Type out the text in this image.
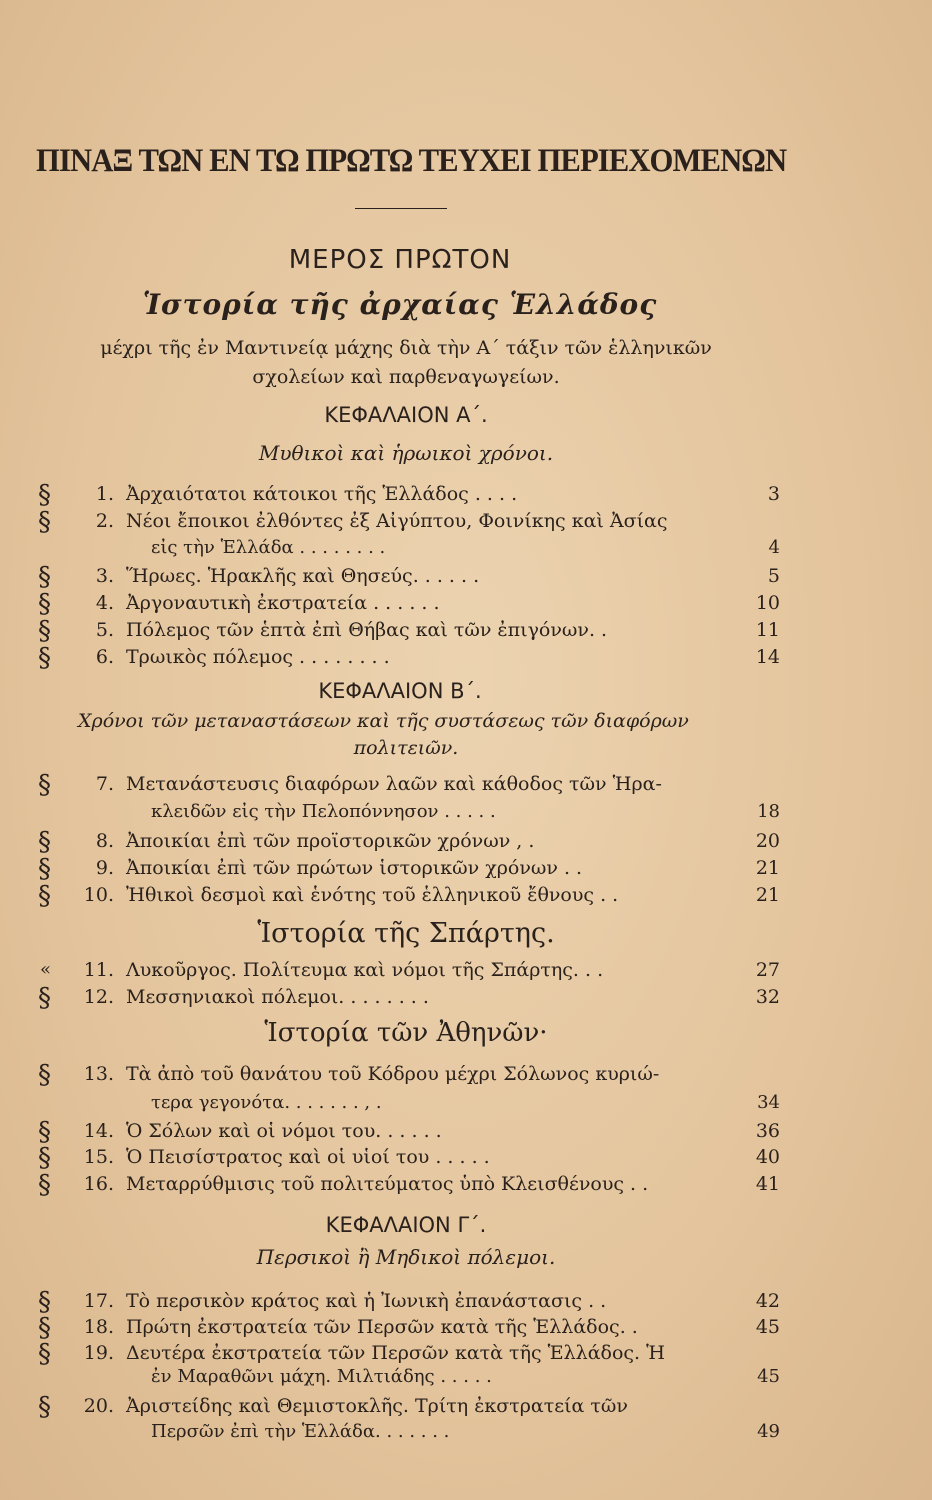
ΠΙΝΑΞ ΤΩΝ ΕΝ ΤΩ ΠΡΩΤΩ ΤΕΥΧΕΙ ΠΕΡΙΕΧΟΜΕΝΩΝ
ΜΕΡΟΣ ΠΡΩΤΟΝ
Ἱστορία τῆς ἀρχαίας Ἑλλάδος
μέχρι τῆς ἐν Μαντινείᾳ μάχης διὰ τὴν Α΄ τάξιν τῶν ἑλληνικῶν
σχολείων καὶ παρθεναγωγείων.
ΚΕΦΑΛΑΙΟΝ Α΄.
Μυθικοὶ καὶ ἡρωικοὶ χρόνοι.
§	1. Ἀρχαιότατοι κάτοικοι τῆς Ἑλλάδος . . . .	3
§	2. Νέοι ἔποικοι ἐλθόντες ἐξ Αἰγύπτου, Φοινίκης καὶ Ἀσίας
εἰς τὴν Ἑλλάδα . . . . . . . .	4
§	3. Ἥρωες. Ἡρακλῆς καὶ Θησεύς. . . . . .	5
§	4. Ἀργοναυτικὴ ἐκστρατεία . . . . . .	10
§	5. Πόλεμος τῶν ἑπτὰ ἐπὶ Θήβας καὶ τῶν ἐπιγόνων. .	11
§	6. Τρωικὸς πόλεμος . . . . . . . .	14
ΚΕΦΑΛΑΙΟΝ Β΄.
Χρόνοι τῶν μεταναστάσεων καὶ τῆς συστάσεως τῶν διαφόρων
πολιτειῶν.
§	7. Μετανάστευσις διαφόρων λαῶν καὶ κάθοδος τῶν Ἡρα-
κλειδῶν εἰς τὴν Πελοπόννησον . . . . .	18
§	8. Ἀποικίαι ἐπὶ τῶν προϊστορικῶν χρόνων , .	20
§	9. Ἀποικίαι ἐπὶ τῶν πρώτων ἱστορικῶν χρόνων . .	21
§	10. Ἠθικοὶ δεσμοὶ καὶ ἑνότης τοῦ ἑλληνικοῦ ἔθνους . .	21
Ἱστορία τῆς Σπάρτης.
«	11. Λυκοῦργος. Πολίτευμα καὶ νόμοι τῆς Σπάρτης. . .	27
§	12. Μεσσηνιακοὶ πόλεμοι. . . . . . . .	32
Ἱστορία τῶν Ἀθηνῶν·
§	13. Τὰ ἀπὸ τοῦ θανάτου τοῦ Κόδρου μέχρι Σόλωνος κυριώ-
τερα γεγονότα. . . . . . . , .	34
§	14. Ὁ Σόλων καὶ οἱ νόμοι του. . . . . .	36
§	15. Ὁ Πεισίστρατος καὶ οἱ υἱοί του . . . . .	40
§	16. Μεταρρύθμισις τοῦ πολιτεύματος ὑπὸ Κλεισθένους . .	41
ΚΕΦΑΛΑΙΟΝ Γ΄.
Περσικοὶ ἢ Μηδικοὶ πόλεμοι.
§	17. Τὸ περσικὸν κράτος καὶ ἡ Ἰωνικὴ ἐπανάστασις . .	42
§	18. Πρώτη ἐκστρατεία τῶν Περσῶν κατὰ τῆς Ἑλλάδος. .	45
§	19. Δευτέρα ἐκστρατεία τῶν Περσῶν κατὰ τῆς Ἑλλάδος. Ἡ
ἐν Μαραθῶνι μάχη. Μιλτιάδης . . . . .	45
§	20. Ἀριστείδης καὶ Θεμιστοκλῆς. Τρίτη ἐκστρατεία τῶν
Περσῶν ἐπὶ τὴν Ἑλλάδα. . . . . . .	49
